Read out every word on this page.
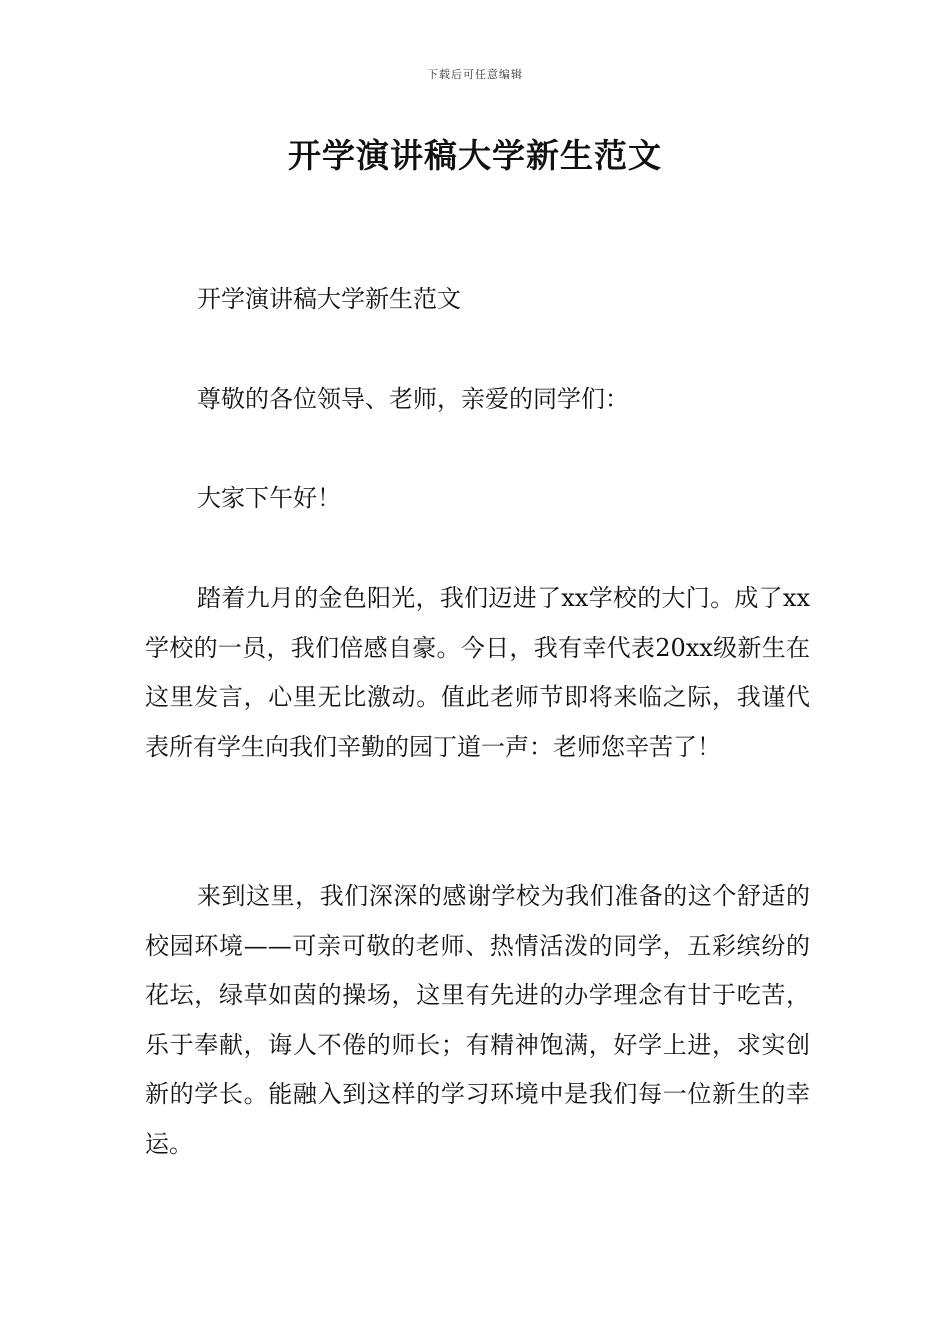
下载后可任意编辑
开学演讲稿大学新生范文

开学演讲稿大学新生范文

尊敬的各位领导、老师，亲爱的同学们：

大家下午好！

踏着九月的金色阳光，我们迈进了xx学校的大门。成了xx学校的一员，我们倍感自豪。今日，我有幸代表20xx级新生在这里发言，心里无比激动。值此老师节即将来临之际，我谨代表所有学生向我们辛勤的园丁道一声：老师您辛苦了！

来到这里，我们深深的感谢学校为我们准备的这个舒适的校园环境——可亲可敬的老师、热情活泼的同学，五彩缤纷的花坛，绿草如茵的操场，这里有先进的办学理念有甘于吃苦，乐于奉献，诲人不倦的师长；有精神饱满，好学上进，求实创新的学长。能融入到这样的学习环境中是我们每一位新生的幸运。
